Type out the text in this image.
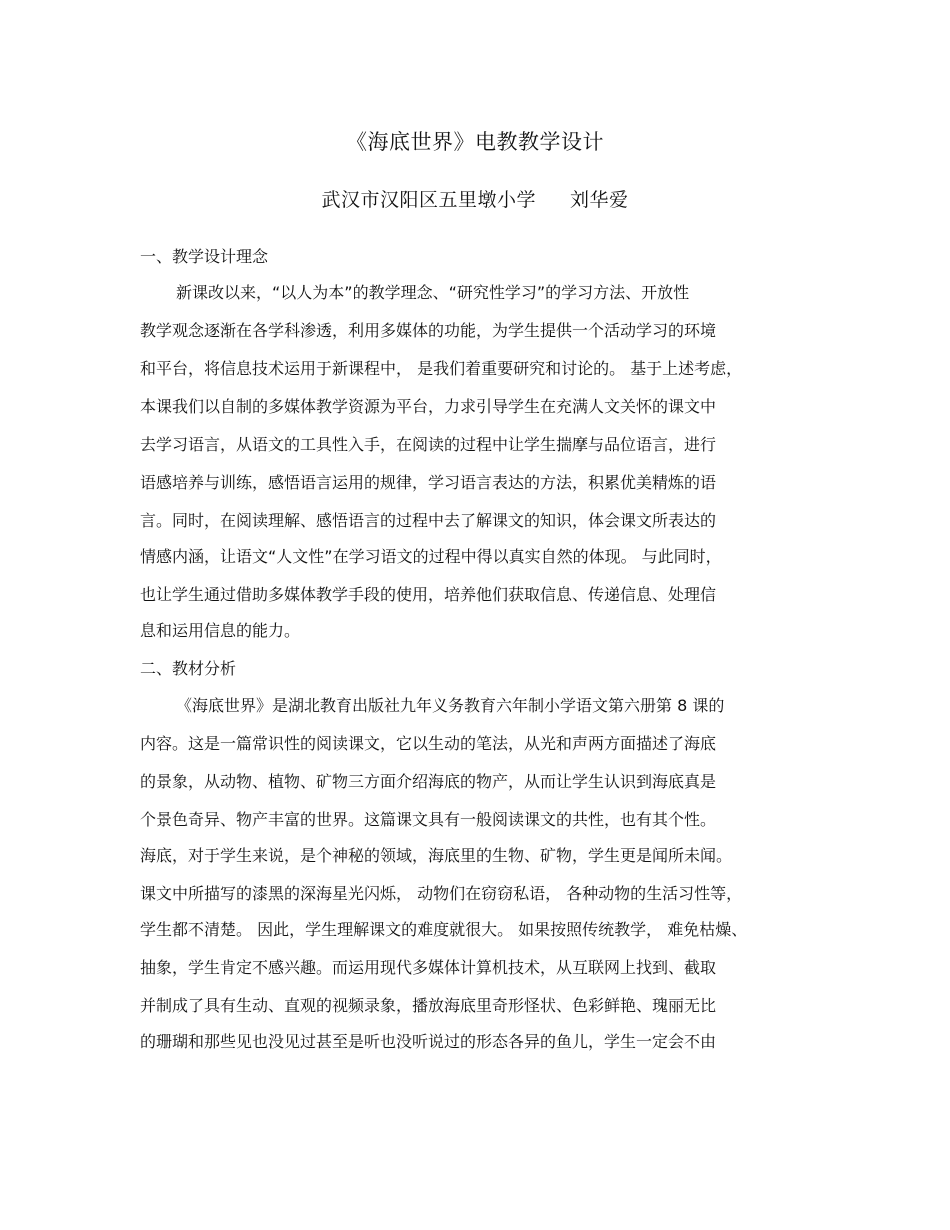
《海底世界》电教教学设计
武汉市汉阳区五里墩小学 刘华爱
一、教学设计理念
新课改以来，“以人为本”的教学理念、“研究性学习”的学习方法、开放性
教学观念逐渐在各学科渗透，利用多媒体的功能，为学生提供一个活动学习的环境
和平台，将信息技术运用于新课程中， 是我们着重要研究和讨论的。 基于上述考虑，
本课我们以自制的多媒体教学资源为平台，力求引导学生在充满人文关怀的课文中
去学习语言，从语文的工具性入手，在阅读的过程中让学生揣摩与品位语言，进行
语感培养与训练，感悟语言运用的规律，学习语言表达的方法，积累优美精炼的语
言。同时，在阅读理解、感悟语言的过程中去了解课文的知识，体会课文所表达的
情感内涵，让语文“人文性”在学习语文的过程中得以真实自然的体现。 与此同时，
也让学生通过借助多媒体教学手段的使用，培养他们获取信息、传递信息、处理信
息和运用信息的能力。
二、教材分析
《海底世界》是湖北教育出版社九年义务教育六年制小学语文第六册第 8 课的
内容。这是一篇常识性的阅读课文，它以生动的笔法，从光和声两方面描述了海底
的景象，从动物、植物、矿物三方面介绍海底的物产，从而让学生认识到海底真是
个景色奇异、物产丰富的世界。这篇课文具有一般阅读课文的共性，也有其个性。
海底，对于学生来说，是个神秘的领域，海底里的生物、矿物，学生更是闻所未闻。
课文中所描写的漆黑的深海星光闪烁， 动物们在窃窃私语， 各种动物的生活习性等，
学生都不清楚。 因此，学生理解课文的难度就很大。 如果按照传统教学， 难免枯燥、
抽象，学生肯定不感兴趣。而运用现代多媒体计算机技术，从互联网上找到、截取
并制成了具有生动、直观的视频录象，播放海底里奇形怪状、色彩鲜艳、瑰丽无比
的珊瑚和那些见也没见过甚至是听也没听说过的形态各异的鱼儿，学生一定会不由
